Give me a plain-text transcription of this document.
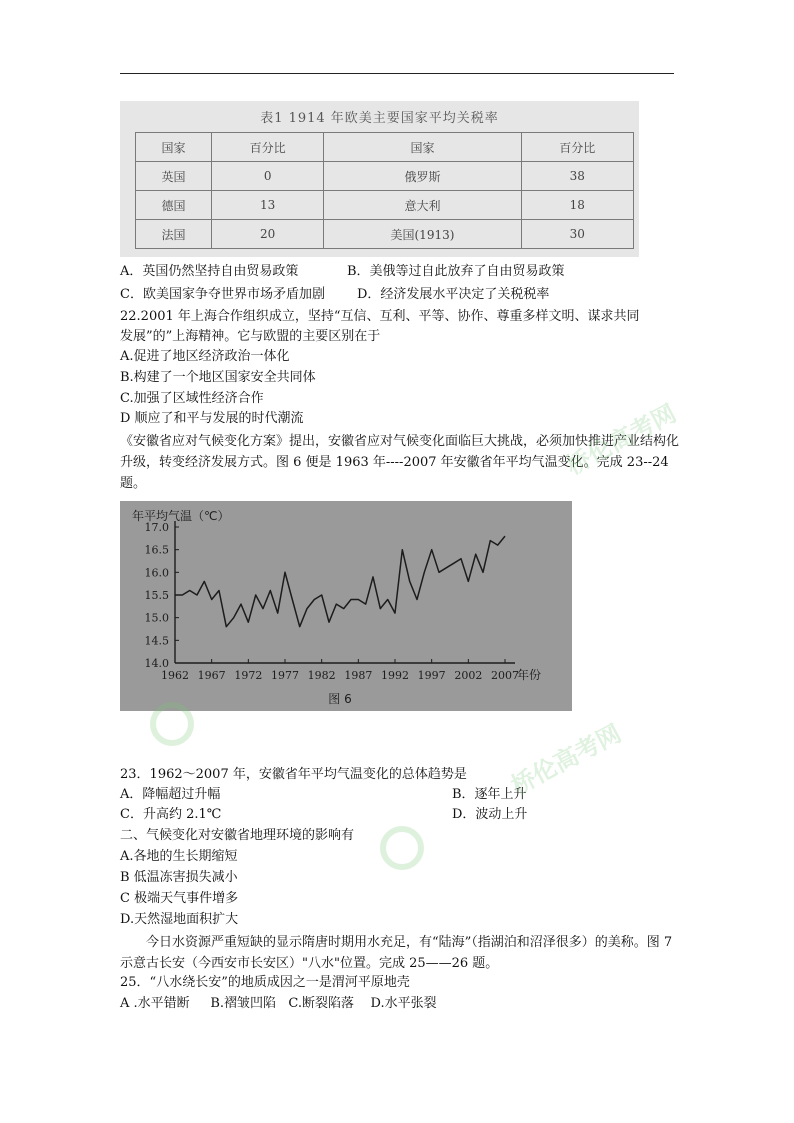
表1 1914 年欧美主要国家平均关税率
国家	百分比	国家	百分比
英国	0	俄罗斯	38
德国	13	意大利	18
法国	20	美国(1913)	30
A．英国仍然坚持自由贸易政策	B．美俄等过自此放弃了自由贸易政策
C．欧美国家争夺世界市场矛盾加剧 D．经济发展水平决定了关税税率
22.2001 年上海合作组织成立，坚持“互信、互利、平等、协作、尊重多样文明、谋求共同
发展”的”上海精神。它与欧盟的主要区别在于
A.促进了地区经济政治一体化
B.构建了一个地区国家安全共同体
C.加强了区域性经济合作
D 顺应了和平与发展的时代潮流
《安徽省应对气候变化方案》提出，安徽省应对气候变化面临巨大挑战，必须加快推进产业结构化升级，转变经济发展方式。图 6 便是 1963 年----2007 年安徽省年平均气温变化。完成 23--24 题。
17.0
16.5
16.0
15.5
15.0
14.5
14.0
1962 1967 1972 1977 1982 1987 1992 1997 2002 2007
年平均气温（℃）
年份
图 6
23．1962～2007 年，安徽省年平均气温变化的总体趋势是
A．降幅超过升幅	B．逐年上升
C．升高约 2.1℃	D．波动上升
二、气候变化对安徽省地理环境的影响有
A.各地的生长期缩短
B 低温冻害损失减小
C 极端天气事件增多
D.天然湿地面积扩大
今日水资源严重短缺的显示隋唐时期用水充足，有“陆海”（指湖泊和沼泽很多）的美称。图 7 示意古长安（今西安市长安区）"八水"位置。完成 25——26 题。
25．“八水绕长安”的地质成因之一是渭河平原地壳
A .水平错断     B.褶皱凹陷   C.断裂陷落    D.水平张裂
桥伦高考网
桥伦高考网
